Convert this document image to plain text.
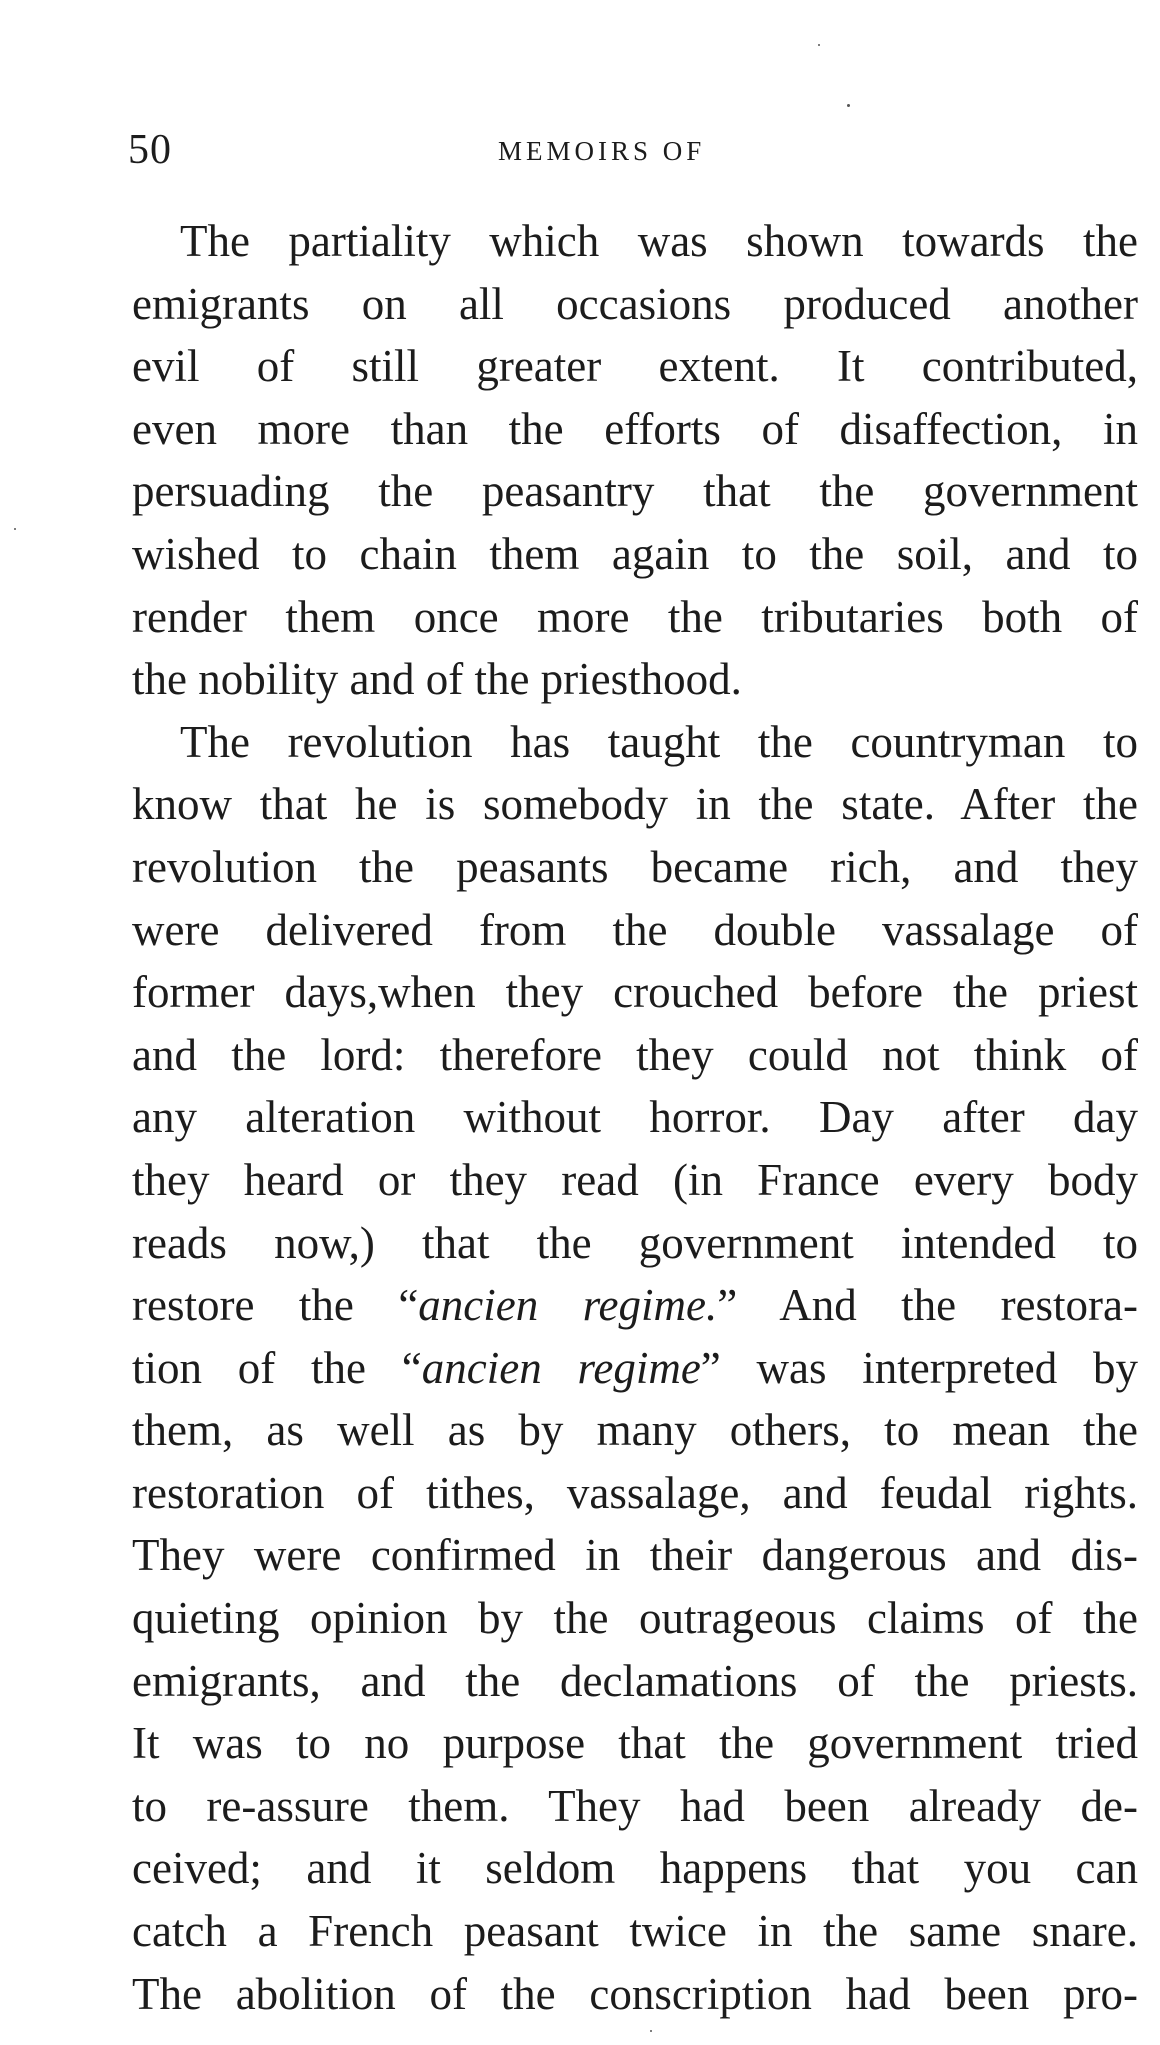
50	MEMOIRS OF
The partiality which was shown towards the
emigrants on all occasions produced another
evil of still greater extent. It contributed,
even more than the efforts of disaffection, in
persuading the peasantry that the government
wished to chain them again to the soil, and to
render them once more the tributaries both of
the nobility and of the priesthood.
The revolution has taught the countryman to
know that he is somebody in the state. After the
revolution the peasants became rich, and they
were delivered from the double vassalage of
former days,when they crouched before the priest
and the lord: therefore they could not think of
any alteration without horror. Day after day
they heard or they read (in France every body
reads now,) that the government intended to
restore the “ancien regime.” And the restora-
tion of the “ancien regime” was interpreted by
them, as well as by many others, to mean the
restoration of tithes, vassalage, and feudal rights.
They were confirmed in their dangerous and dis-
quieting opinion by the outrageous claims of the
emigrants, and the declamations of the priests.
It was to no purpose that the government tried
to re-assure them. They had been already de-
ceived; and it seldom happens that you can
catch a French peasant twice in the same snare.
The abolition of the conscription had been pro-
